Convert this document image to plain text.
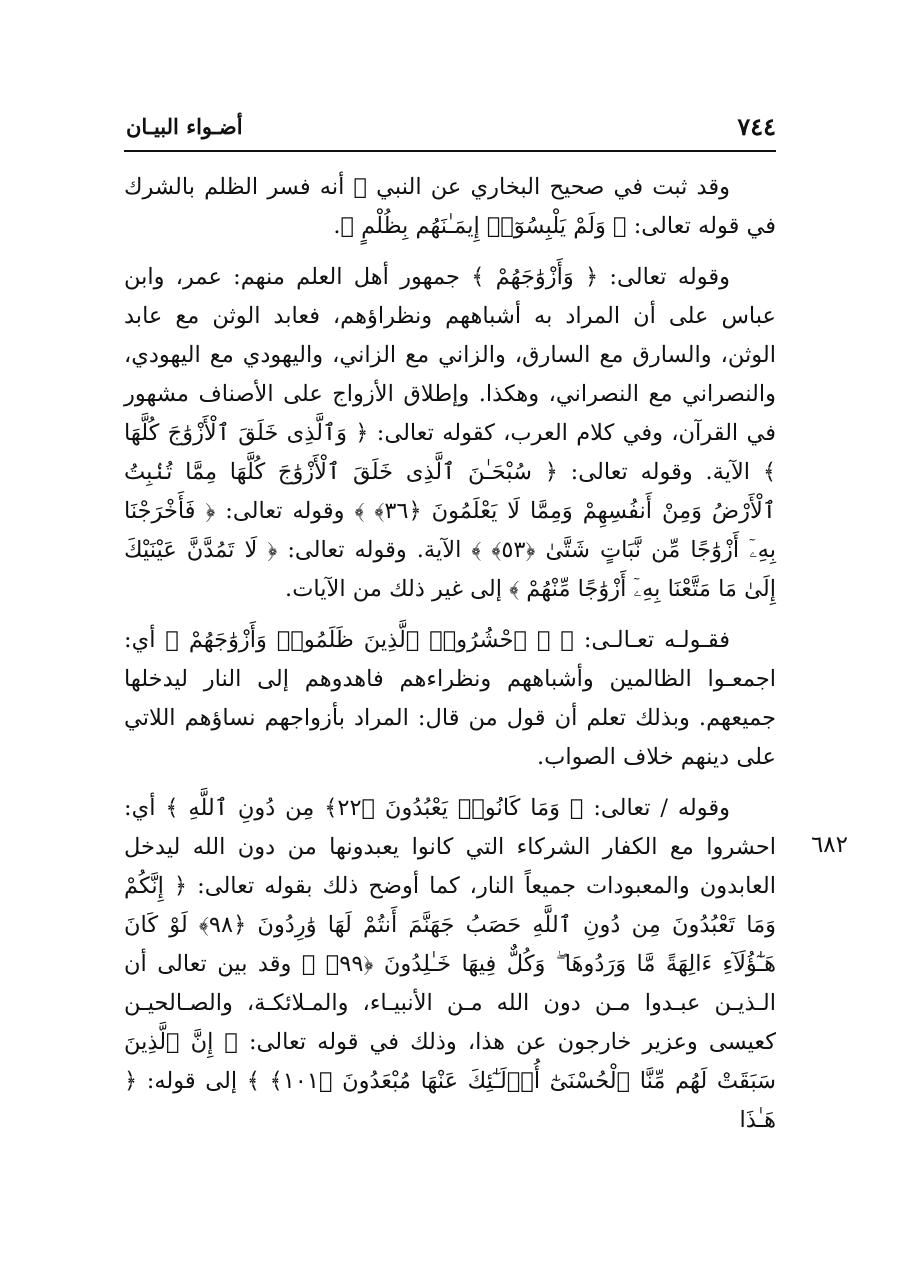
٧٤٤
أضـواء البيـان
٦٨٢

وقد ثبت في صحيح البخاري عن النبي ﷺ أنه فسر الظلم بالشرك في قوله تعالى: ﴿ وَلَمْ يَلْبِسُوٓا۟ إِيمَـٰنَهُم بِظُلْمٍ ﴾.

وقوله تعالى: ﴿ وَأَزْوَٰجَهُمْ ﴾ جمهور أهل العلم منهم: عمر، وابن عباس على أن المراد به أشباههم ونظراؤهم، فعابد الوثن مع عابد الوثن، والسارق مع السارق، والزاني مع الزاني، واليهودي مع اليهودي، والنصراني مع النصراني، وهكذا. وإطلاق الأزواج على الأصناف مشهور في القرآن، وفي كلام العرب، كقوله تعالى: ﴿ وَٱلَّذِى خَلَقَ ٱلْأَزْوَٰجَ كُلَّهَا ﴾ الآية. وقوله تعالى: ﴿ سُبْحَـٰنَ ٱلَّذِى خَلَقَ ٱلْأَزْوَٰجَ كُلَّهَا مِمَّا تُنۢبِتُ ٱلْأَرْضُ وَمِنْ أَنفُسِهِمْ وَمِمَّا لَا يَعْلَمُونَ ﴿٣٦﴾ ﴾ وقوله تعالى: ﴿ فَأَخْرَجْنَا بِهِۦٓ أَزْوَٰجًا مِّن نَّبَاتٍ شَتَّىٰ ﴿٥٣﴾ ﴾ الآية. وقوله تعالى: ﴿ لَا تَمُدَّنَّ عَيْنَيْكَ إِلَىٰ مَا مَتَّعْنَا بِهِۦٓ أَزْوَٰجًا مِّنْهُمْ ﴾ إلى غير ذلك من الآيات.

فقـولـه تعـالـى: ﴿ ۞ ٱحْشُرُوا۟ ٱلَّذِينَ ظَلَمُوا۟ وَأَزْوَٰجَهُمْ ﴾ أي: اجمعـوا الظالمين وأشباههم ونظراءهم فاهدوهم إلى النار ليدخلها جميعهم. وبذلك تعلم أن قول من قال: المراد بأزواجهم نساؤهم اللاتي على دينهم خلاف الصواب.

وقوله / تعالى: ﴿ وَمَا كَانُوا۟ يَعْبُدُونَ ﴿٢٢﴾ مِن دُونِ ٱللَّهِ ﴾ أي: احشروا مع الكفار الشركاء التي كانوا يعبدونها من دون الله ليدخل العابدون والمعبودات جميعاً النار، كما أوضح ذلك بقوله تعالى: ﴿ إِنَّكُمْ وَمَا تَعْبُدُونَ مِن دُونِ ٱللَّهِ حَصَبُ جَهَنَّمَ أَنتُمْ لَهَا وَٰرِدُونَ ﴿٩٨﴾ لَوْ كَانَ هَـٰٓؤُلَآءِ ءَالِهَةً مَّا وَرَدُوهَا ۖ وَكُلٌّ فِيهَا خَـٰلِدُونَ ﴿٩٩﴾ ﴾ وقد بين تعالى أن الـذيـن عبـدوا مـن دون الله مـن الأنبيـاء، والمـلائكـة، والصـالحيـن كعيسى وعزير خارجون عن هذا، وذلك في قوله تعالى: ﴿ إِنَّ ٱلَّذِينَ سَبَقَتْ لَهُم مِّنَّا ٱلْحُسْنَىٰٓ أُو۟لَـٰٓئِكَ عَنْهَا مُبْعَدُونَ ﴿١٠١﴾ ﴾ إلى قوله: ﴿ هَـٰذَا
